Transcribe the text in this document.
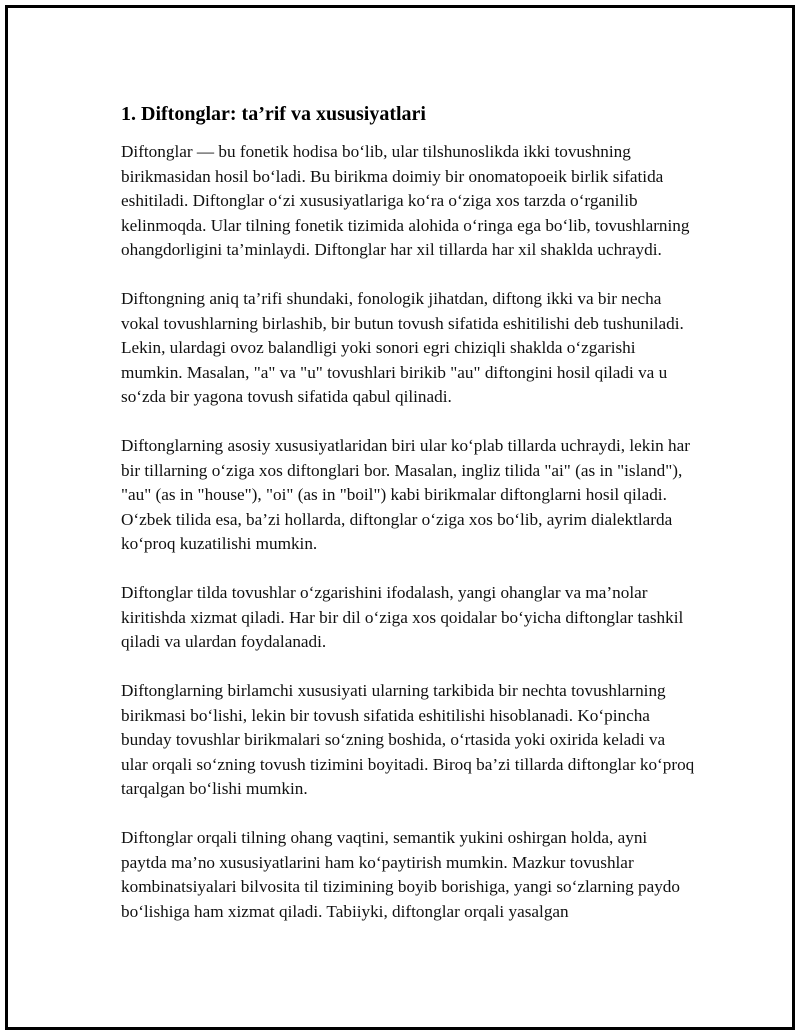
1. Diftonglar: ta’rif va xususiyatlari

Diftonglar — bu fonetik hodisa bo‘lib, ular tilshunoslikda ikki tovushning birikmasidan hosil bo‘ladi. Bu birikma doimiy bir onomatopoeik birlik sifatida eshitiladi. Diftonglar o‘zi xususiyatlariga ko‘ra o‘ziga xos tarzda o‘rganilib kelinmoqda. Ular tilning fonetik tizimida alohida o‘ringa ega bo‘lib, tovushlarning ohangdorligini ta’minlaydi. Diftonglar har xil tillarda har xil shaklda uchraydi.

Diftongning aniq ta’rifi shundaki, fonologik jihatdan, diftong ikki va bir necha vokal tovushlarning birlashib, bir butun tovush sifatida eshitilishi deb tushuniladi. Lekin, ulardagi ovoz balandligi yoki sonori egri chiziqli shaklda o‘zgarishi mumkin. Masalan, "a" va "u" tovushlari birikib "au" diftongini hosil qiladi va u so‘zda bir yagona tovush sifatida qabul qilinadi.

Diftonglarning asosiy xususiyatlaridan biri ular ko‘plab tillarda uchraydi, lekin har bir tillarning o‘ziga xos diftonglari bor. Masalan, ingliz tilida "ai" (as in "island"), "au" (as in "house"), "oi" (as in "boil") kabi birikmalar diftonglarni hosil qiladi. O‘zbek tilida esa, ba’zi hollarda, diftonglar o‘ziga xos bo‘lib, ayrim dialektlarda ko‘proq kuzatilishi mumkin.

Diftonglar tilda tovushlar o‘zgarishini ifodalash, yangi ohanglar va ma’nolar kiritishda xizmat qiladi. Har bir dil o‘ziga xos qoidalar bo‘yicha diftonglar tashkil qiladi va ulardan foydalanadi.

Diftonglarning birlamchi xususiyati ularning tarkibida bir nechta tovushlarning birikmasi bo‘lishi, lekin bir tovush sifatida eshitilishi hisoblanadi. Ko‘pincha bunday tovushlar birikmalari so‘zning boshida, o‘rtasida yoki oxirida keladi va ular orqali so‘zning tovush tizimini boyitadi. Biroq ba’zi tillarda diftonglar ko‘proq tarqalgan bo‘lishi mumkin.

Diftonglar orqali tilning ohang vaqtini, semantik yukini oshirgan holda, ayni paytda ma’no xususiyatlarini ham ko‘paytirish mumkin. Mazkur tovushlar kombinatsiyalari bilvosita til tizimining boyib borishiga, yangi so‘zlarning paydo bo‘lishiga ham xizmat qiladi. Tabiiyki, diftonglar orqali yasalgan
